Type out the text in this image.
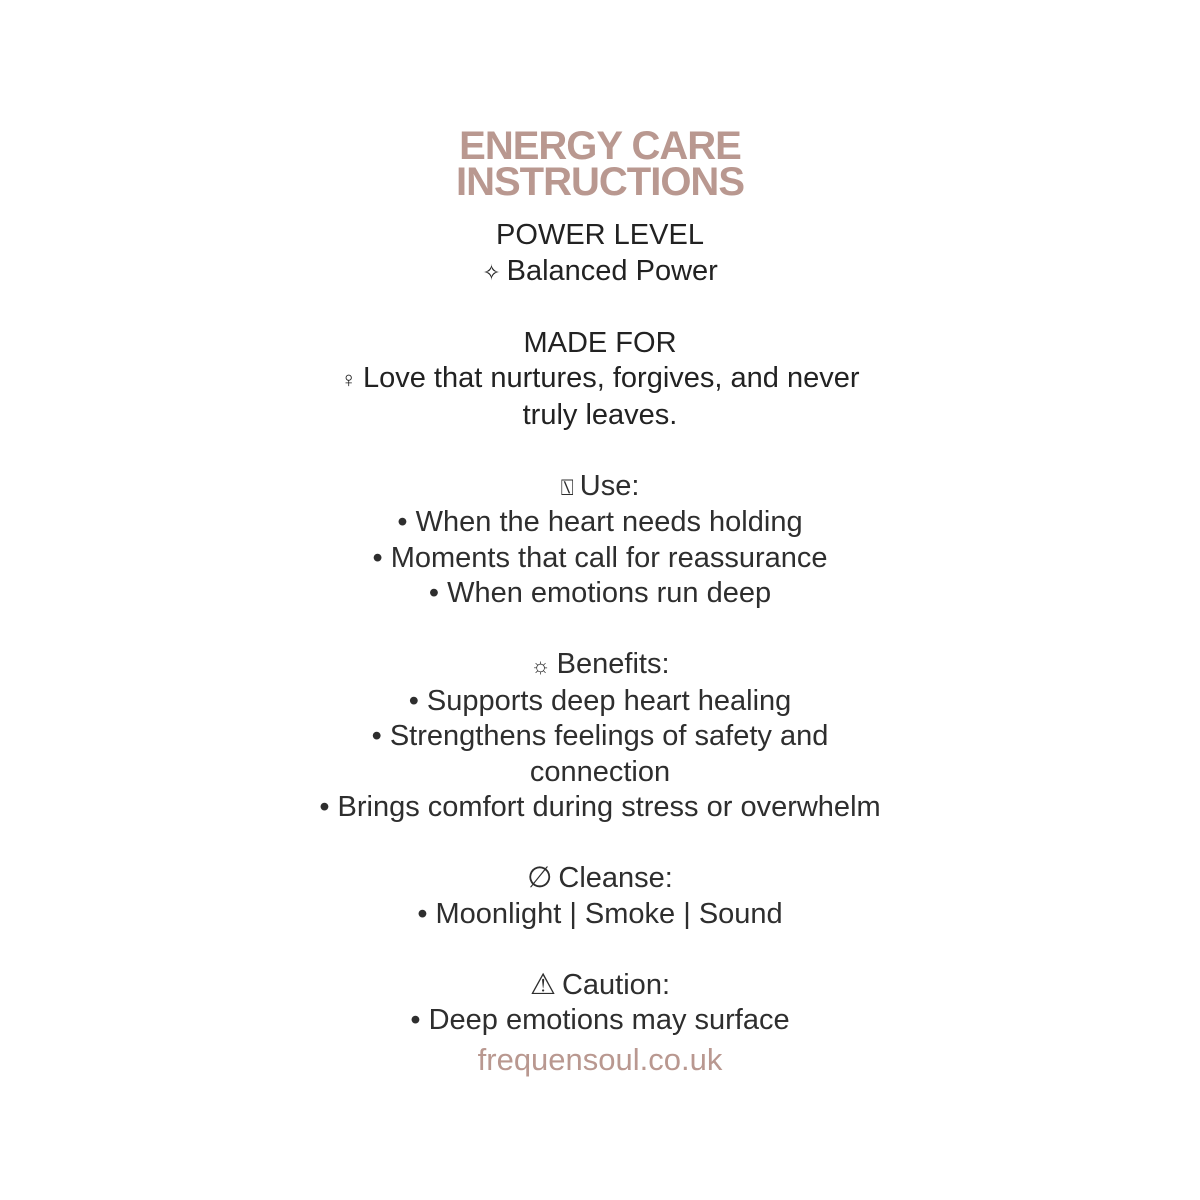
ENERGY CARE
INSTRUCTIONS
POWER LEVEL
✧ Balanced Power
MADE FOR
♀ Love that nurtures, forgives, and never
truly leaves.
⍂ Use:
• When the heart needs holding
• Moments that call for reassurance
• When emotions run deep
☼ Benefits:
• Supports deep heart healing
• Strengthens feelings of safety and
connection
• Brings comfort during stress or overwhelm
∅ Cleanse:
• Moonlight | Smoke | Sound
⚠ Caution:
• Deep emotions may surface
frequensoul.co.uk
